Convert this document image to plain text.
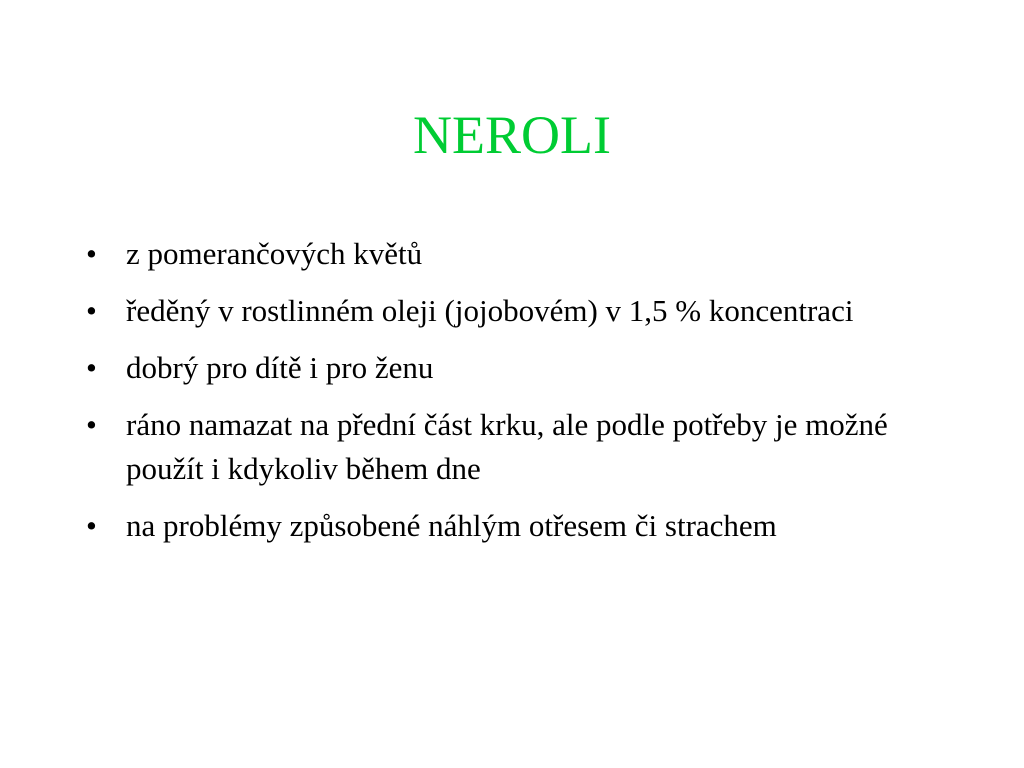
NEROLI
• z pomerančových květů
• ředěný v rostlinném oleji (jojobovém) v 1,5 % koncentraci
• dobrý pro dítě i pro ženu
• ráno namazat na přední část krku, ale podle potřeby je možné použít i kdykoliv během dne
• na problémy způsobené náhlým otřesem či strachem
